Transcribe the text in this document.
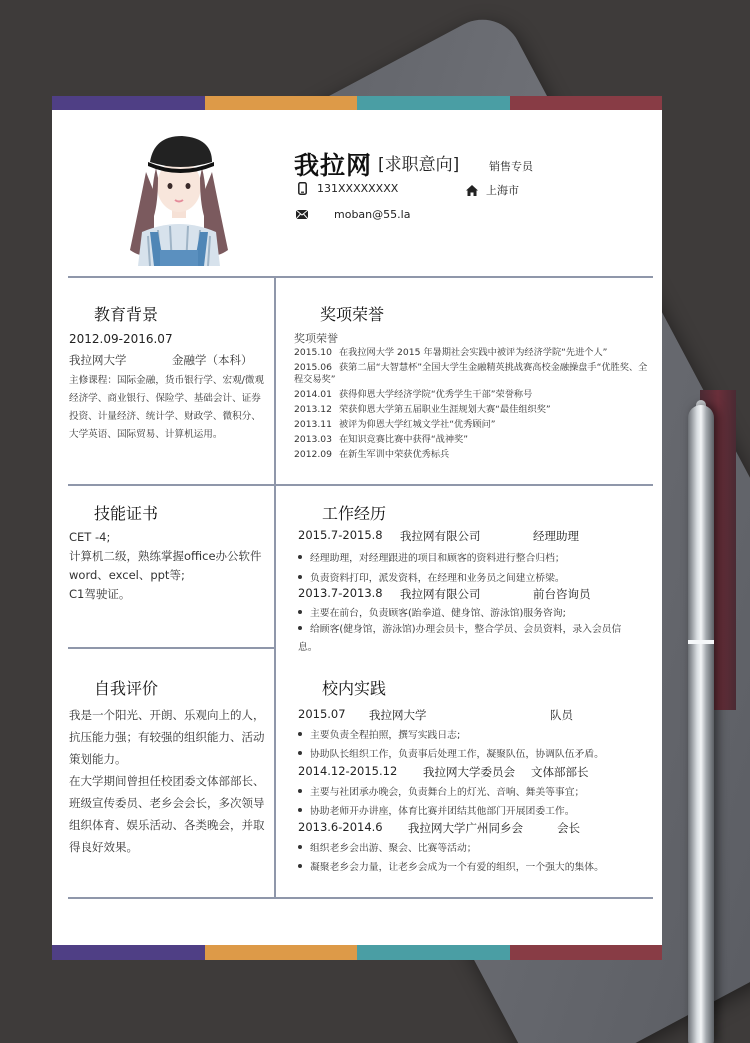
我拉网 [求职意向]	销售专员
131XXXXXXXX	上海市
moban@55.la
教育背景
2012.09-2016.07
我拉网大学	金融学（本科）
主修课程：国际金融，货币银行学、宏观/微观经济学、商业银行、保险学、基础会计、证券投资、计量经济、统计学、财政学、微积分、大学英语、国际贸易、计算机运用。
奖项荣誉
奖项荣誉
2015.10 在我拉网大学 2015 年暑期社会实践中被评为经济学院“先进个人”
2015.06 获第二届“大智慧杯”全国大学生金融精英挑战赛高校金融操盘手“优胜奖、全程交易奖”
2014.01 获得仰恩大学经济学院“优秀学生干部”荣誉称号
2013.12 荣获仰恩大学第五届职业生涯规划大赛“最佳组织奖”
2013.11 被评为仰恩大学红城文学社“优秀顾问”
2013.03 在知识竞赛比赛中获得“战神奖”
2012.09 在新生军训中荣获优秀标兵
技能证书
CET -4;
计算机二级，熟练掌握office办公软件word、excel、ppt等;
C1驾驶证。
工作经历
2015.7-2015.8 我拉网有限公司	经理助理
经理助理，对经理跟进的项目和顾客的资料进行整合归档；
负责资料打印，派发资料，在经理和业务员之间建立桥梁。
2013.7-2013.8 我拉网有限公司	前台咨询员
主要在前台，负责顾客(跆拳道、健身馆、游泳馆)服务咨询;
给顾客(健身馆，游泳馆)办理会员卡，整合学员、会员资料，录入会员信息。
自我评价
我是一个阳光、开朗、乐观向上的人，抗压能力强；有较强的组织能力、活动策划能力。
在大学期间曾担任校团委文体部部长、班级宣传委员、老乡会会长，多次领导组织体育、娱乐活动、各类晚会，并取得良好效果。
校内实践
2015.07 我拉网大学	队员
主要负责全程拍照，撰写实践日志;
协助队长组织工作，负责事后处理工作，凝聚队伍，协调队伍矛盾。
2014.12-2015.12 我拉网大学委员会 文体部部长
主要与社团承办晚会，负责舞台上的灯光、音响、舞美等事宜；
协助老师开办讲座，体育比赛并团结其他部门开展团委工作。
2013.6-2014.6 我拉网大学广州同乡会	会长
组织老乡会出游、聚会、比赛等活动；
凝聚老乡会力量，让老乡会成为一个有爱的组织，一个强大的集体。
